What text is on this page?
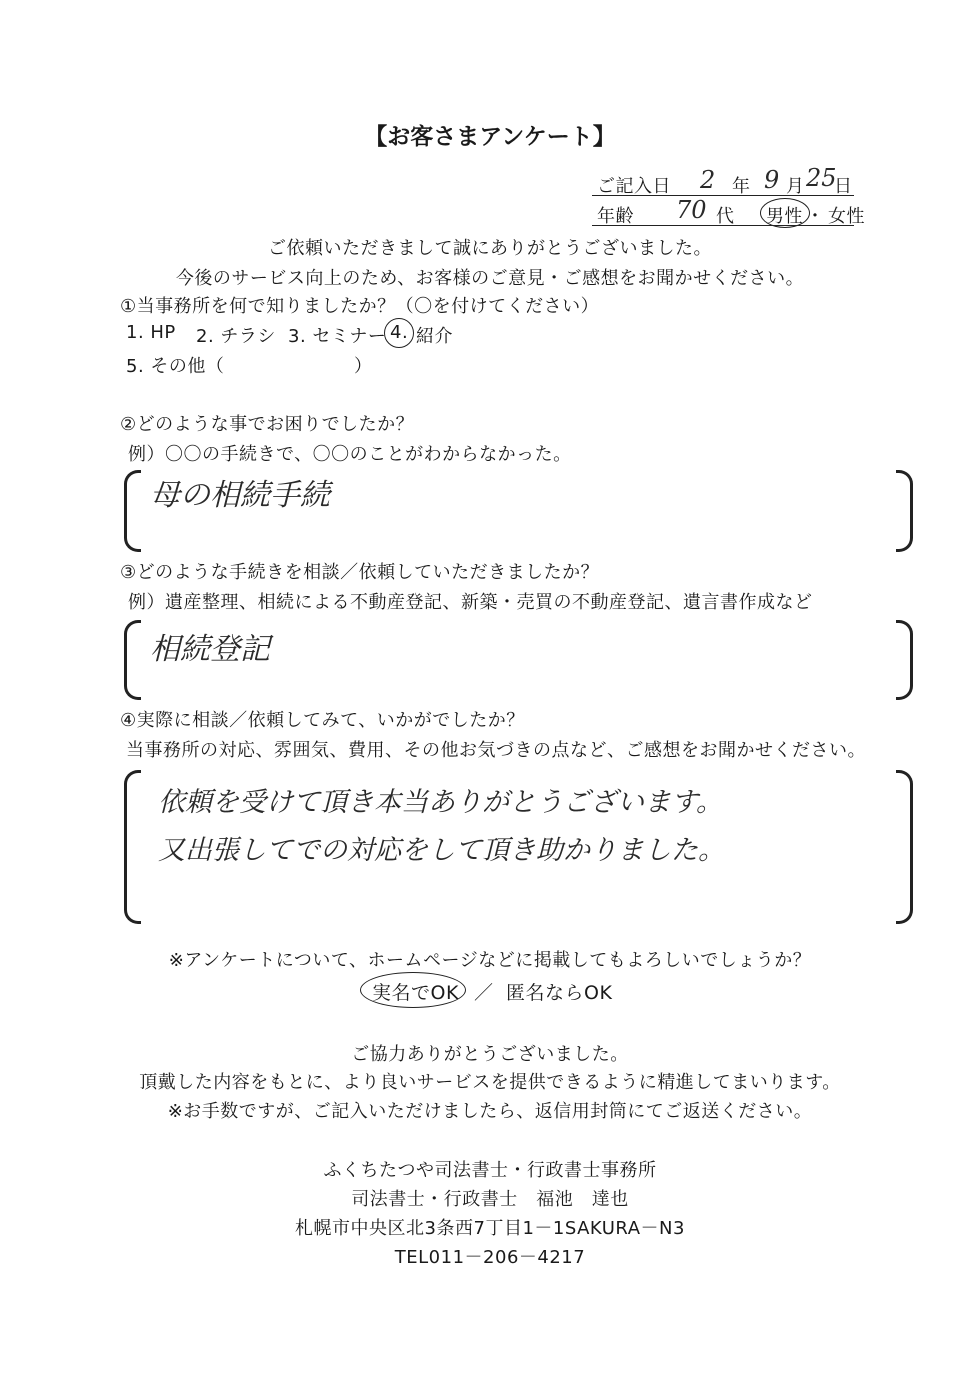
【お客さまアンケート】
ご記入日 2 年 9 月 25
日
年齢 70 代 男性 ・ 女性
ご依頼いただきまして誠にありがとうございました。
今後のサービス向上のため、お客様のご意見・ご感想をお聞かせください。
①当事務所を何で知りましたか？（〇を付けてください）
1. HP 2. チラシ 3. セミナー 4. 紹介
5. その他（	）
②どのような事でお困りでしたか？
例）〇〇の手続きで、〇〇のことがわからなかった。
母の相続手続
③どのような手続きを相談／依頼していただきましたか？
例）遺産整理、相続による不動産登記、新築・売買の不動産登記、遺言書作成など
相続登記
④実際に相談／依頼してみて、いかがでしたか？
当事務所の対応、雰囲気、費用、その他お気づきの点など、ご感想をお聞かせください。
依頼を受けて頂き本当ありがとうございます。
又出張してでの対応をして頂き助かりました。
※アンケートについて、ホームページなどに掲載してもよろしいでしょうか？
実名でOK ／ 匿名ならOK
ご協力ありがとうございました。
頂戴した内容をもとに、より良いサービスを提供できるように精進してまいります。
※お手数ですが、ご記入いただけましたら、返信用封筒にてご返送ください。
ふくちたつや司法書士・行政書士事務所
司法書士・行政書士　福池　達也
札幌市中央区北3条西7丁目1－1SAKURA－N3
TEL011－206－4217
